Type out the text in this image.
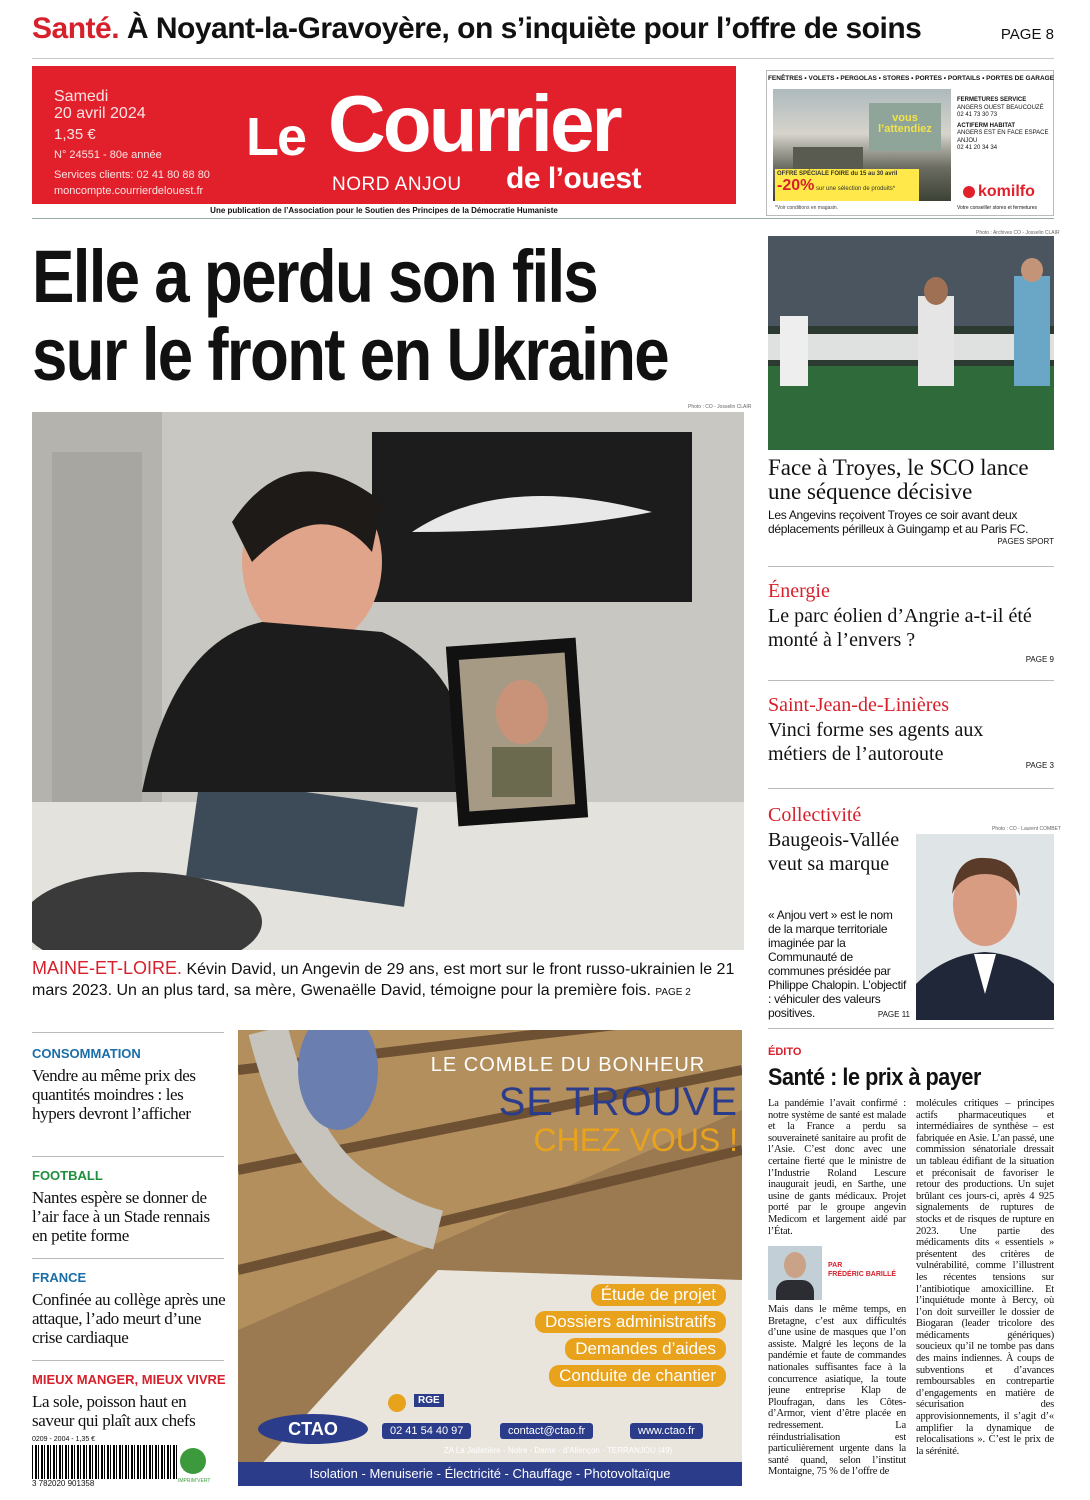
Santé. À Noyant-la-Gravoyère, on s’inquiète pour l’offre de soins	PAGE 8
Samedi
20 avril 2024
1,35 €
N° 24551 - 80e année
Services clients: 02 41 80 88 80
moncompte.courrierdelouest.fr
Le Courrier
NORD ANJOU de l’ouest
Une publication de l’Association pour le Soutien des Principes de la Démocratie Humaniste
FENÊTRES • VOLETS • PERGOLAS • STORES • PORTES • PORTAILS • PORTES DE GARAGE
vous l’attendiez
OFFRE SPÉCIALE FOIRE du 15 au 30 avril
-20% sur une sélection de produits*
FERMETURES SERVICE
ANGERS OUEST BEAUCOUZÉ
02 41 73 30 73
ACTIFERM HABITAT
ANGERS EST EN FACE ESPACE ANJOU
02 41 20 34 34
komilfo
Votre conseiller stores et fermetures
*Voir conditions en magasin.
Elle a perdu son fils
sur le front en Ukraine
Photo : CO - Josselin CLAIR
MAINE-ET-LOIRE. Kévin David, un Angevin de 29 ans, est mort sur le front russo-ukrainien le 21 mars 2023. Un an plus tard, sa mère, Gwenaëlle David, témoigne pour la première fois. PAGE 2
Photo : Archives CO - Josselin CLAIR
Face à Troyes, le SCO lance une séquence décisive
Les Angevins reçoivent Troyes ce soir avant deux déplacements périlleux à Guingamp et au Paris FC.
PAGES SPORT
Énergie
Le parc éolien d’Angrie a-t-il été monté à l’envers ?
PAGE 9
Saint-Jean-de-Linières
Vinci forme ses agents aux métiers de l’autoroute
PAGE 3
Collectivité
Baugeois-Vallée veut sa marque
Photo : CO - Laurent COMBET
« Anjou vert » est le nom de la marque territoriale imaginée par la Communauté de communes présidée par Philippe Chalopin. L’objectif : véhiculer des valeurs positives.	PAGE 11
CONSOMMATION
Vendre au même prix des quantités moindres : les hypers devront l’afficher
FOOTBALL
Nantes espère se donner de l’air face à un Stade rennais en petite forme
FRANCE
Confinée au collège après une attaque, l’ado meurt d’une crise cardiaque
MIEUX MANGER, MIEUX VIVRE
La sole, poisson haut en saveur qui plaît aux chefs
0209 - 2004 - 1,35 €
3 782020 901358	IMPRIM’VERT
LE COMBLE DU BONHEUR
SE TROUVE
CHEZ VOUS !
Étude de projet
Dossiers administratifs
Demandes d’aides
Conduite de chantier
CTAO
RGE
02 41 54 40 97	contact@ctao.fr	www.ctao.fr
ZA La Jailletière - Notre - Dame - d’Allençon - TERRANJOU (49)
Isolation - Menuiserie - Électricité - Chauffage - Photovoltaïque
ÉDITO
Santé : le prix à payer
La pandémie l’avait confirmé : notre système de santé est malade et la France a perdu sa souveraineté sanitaire au profit de l’Asie. C’est donc avec une certaine fierté que le ministre de l’Industrie Roland Lescure inaugurait jeudi, en Sarthe, une usine de gants médicaux. Projet porté par le groupe angevin Medicom et largement aidé par l’État.
PAR
FRÉDÉRIC BARILLÉ
Mais dans le même temps, en Bretagne, c’est aux difficultés d’une usine de masques que l’on assiste. Malgré les leçons de la pandémie et faute de commandes nationales suffisantes face à la concurrence asiatique, la toute jeune entreprise Klap de Ploufragan, dans les Côtes-d’Armor, vient d’être placée en redressement. La réindustrialisation est particulièrement urgente dans la santé quand, selon l’institut Montaigne, 75 % de l’offre de
molécules critiques – principes actifs pharmaceutiques et intermédiaires de synthèse – est fabriquée en Asie. L’an passé, une commission sénatoriale dressait un tableau édifiant de la situation et préconisait de favoriser le retour des productions. Un sujet brûlant ces jours-ci, après 4 925 signalements de ruptures de stocks et de risques de rupture en 2023. Une partie des médicaments dits « essentiels » présentent des critères de vulnérabilité, comme l’illustrent les récentes tensions sur l’antibiotique amoxicilline. Et l’inquiétude monte à Bercy, où l’on doit surveiller le dossier de Biogaran (leader tricolore des médicaments génériques) soucieux qu’il ne tombe pas dans des mains indiennes. À coups de subventions et d’avances remboursables en contrepartie d’engagements en matière de sécurisation des approvisionnements, il s’agit d’« amplifier la dynamique de relocalisations ». C’est le prix de la sérénité.
